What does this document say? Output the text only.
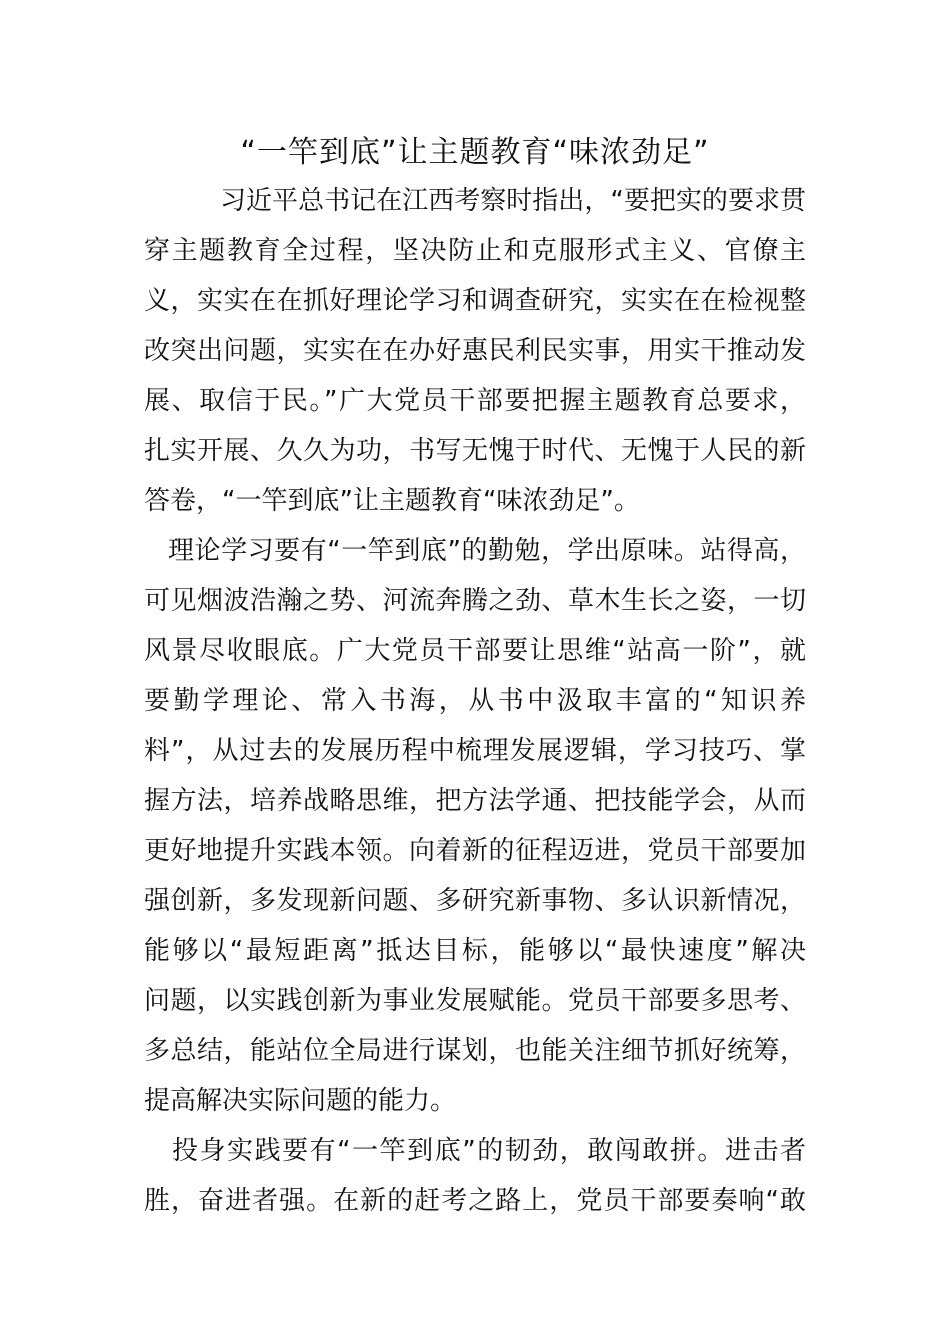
“一竿到底”让主题教育“味浓劲足”

习近平总书记在江西考察时指出，“要把实的要求贯

穿主题教育全过程，坚决防止和克服形式主义、官僚主

义，实实在在抓好理论学习和调查研究，实实在在检视整

改突出问题，实实在在办好惠民利民实事，用实干推动发

展、取信于民。”广大党员干部要把握主题教育总要求，

扎实开展、久久为功，书写无愧于时代、无愧于人民的新

答卷，“一竿到底”让主题教育“味浓劲足”。

理论学习要有“一竿到底”的勤勉，学出原味。站得高，

可见烟波浩瀚之势、河流奔腾之劲、草木生长之姿，一切

风景尽收眼底。广大党员干部要让思维“站高一阶”，就

要勤学理论、常入书海，从书中汲取丰富的“知识养

料”，从过去的发展历程中梳理发展逻辑，学习技巧、掌

握方法，培养战略思维，把方法学通、把技能学会，从而

更好地提升实践本领。向着新的征程迈进，党员干部要加

强创新，多发现新问题、多研究新事物、多认识新情况，

能够以“最短距离”抵达目标，能够以“最快速度”解决

问题，以实践创新为事业发展赋能。党员干部要多思考、

多总结，能站位全局进行谋划，也能关注细节抓好统筹，

提高解决实际问题的能力。

投身实践要有“一竿到底”的韧劲，敢闯敢拼。进击者

胜，奋进者强。在新的赶考之路上，党员干部要奏响“敢
